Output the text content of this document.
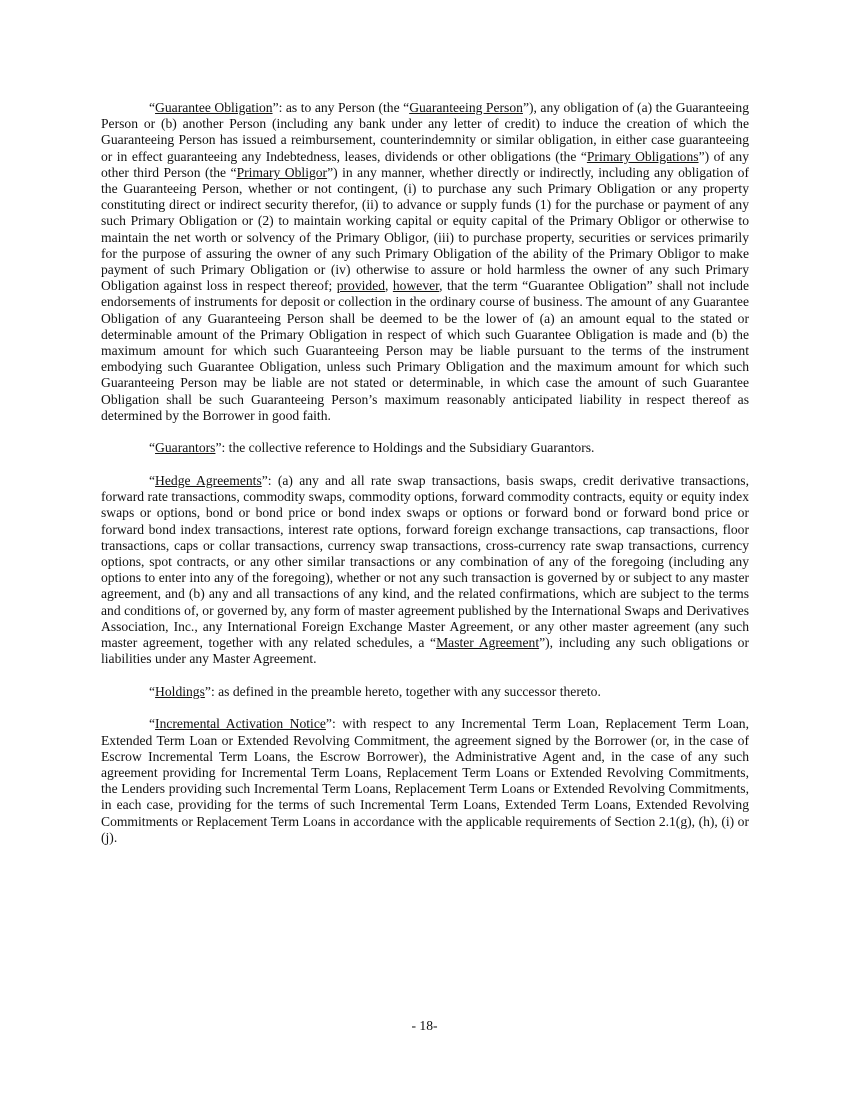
“Guarantee Obligation”: as to any Person (the “Guaranteeing Person”), any obligation of (a) the Guaranteeing Person or (b) another Person (including any bank under any letter of credit) to induce the creation of which the Guaranteeing Person has issued a reimbursement, counterindemnity or similar obligation, in either case guaranteeing or in effect guaranteeing any Indebtedness, leases, dividends or other obligations (the “Primary Obligations”) of any other third Person (the “Primary Obligor”) in any manner, whether directly or indirectly, including any obligation of the Guaranteeing Person, whether or not contingent, (i) to purchase any such Primary Obligation or any property constituting direct or indirect security therefor, (ii) to advance or supply funds (1) for the purchase or payment of any such Primary Obligation or (2) to maintain working capital or equity capital of the Primary Obligor or otherwise to maintain the net worth or solvency of the Primary Obligor, (iii) to purchase property, securities or services primarily for the purpose of assuring the owner of any such Primary Obligation of the ability of the Primary Obligor to make payment of such Primary Obligation or (iv) otherwise to assure or hold harmless the owner of any such Primary Obligation against loss in respect thereof; provided, however, that the term “Guarantee Obligation” shall not include endorsements of instruments for deposit or collection in the ordinary course of business. The amount of any Guarantee Obligation of any Guaranteeing Person shall be deemed to be the lower of (a) an amount equal to the stated or determinable amount of the Primary Obligation in respect of which such Guarantee Obligation is made and (b) the maximum amount for which such Guaranteeing Person may be liable pursuant to the terms of the instrument embodying such Guarantee Obligation, unless such Primary Obligation and the maximum amount for which such Guaranteeing Person may be liable are not stated or determinable, in which case the amount of such Guarantee Obligation shall be such Guaranteeing Person’s maximum reasonably anticipated liability in respect thereof as determined by the Borrower in good faith.

“Guarantors”: the collective reference to Holdings and the Subsidiary Guarantors.

“Hedge Agreements”: (a) any and all rate swap transactions, basis swaps, credit derivative transactions, forward rate transactions, commodity swaps, commodity options, forward commodity contracts, equity or equity index swaps or options, bond or bond price or bond index swaps or options or forward bond or forward bond price or forward bond index transactions, interest rate options, forward foreign exchange transactions, cap transactions, floor transactions, caps or collar transactions, currency swap transactions, cross-currency rate swap transactions, currency options, spot contracts, or any other similar transactions or any combination of any of the foregoing (including any options to enter into any of the foregoing), whether or not any such transaction is governed by or subject to any master agreement, and (b) any and all transactions of any kind, and the related confirmations, which are subject to the terms and conditions of, or governed by, any form of master agreement published by the International Swaps and Derivatives Association, Inc., any International Foreign Exchange Master Agreement, or any other master agreement (any such master agreement, together with any related schedules, a “Master Agreement”), including any such obligations or liabilities under any Master Agreement.

“Holdings”: as defined in the preamble hereto, together with any successor thereto.

“Incremental Activation Notice”: with respect to any Incremental Term Loan, Replacement Term Loan, Extended Term Loan or Extended Revolving Commitment, the agreement signed by the Borrower (or, in the case of Escrow Incremental Term Loans, the Escrow Borrower), the Administrative Agent and, in the case of any such agreement providing for Incremental Term Loans, Replacement Term Loans or Extended Revolving Commitments, the Lenders providing such Incremental Term Loans, Replacement Term Loans or Extended Revolving Commitments, in each case, providing for the terms of such Incremental Term Loans, Extended Term Loans, Extended Revolving Commitments or Replacement Term Loans in accordance with the applicable requirements of Section 2.1(g), (h), (i) or (j).

- 18-
